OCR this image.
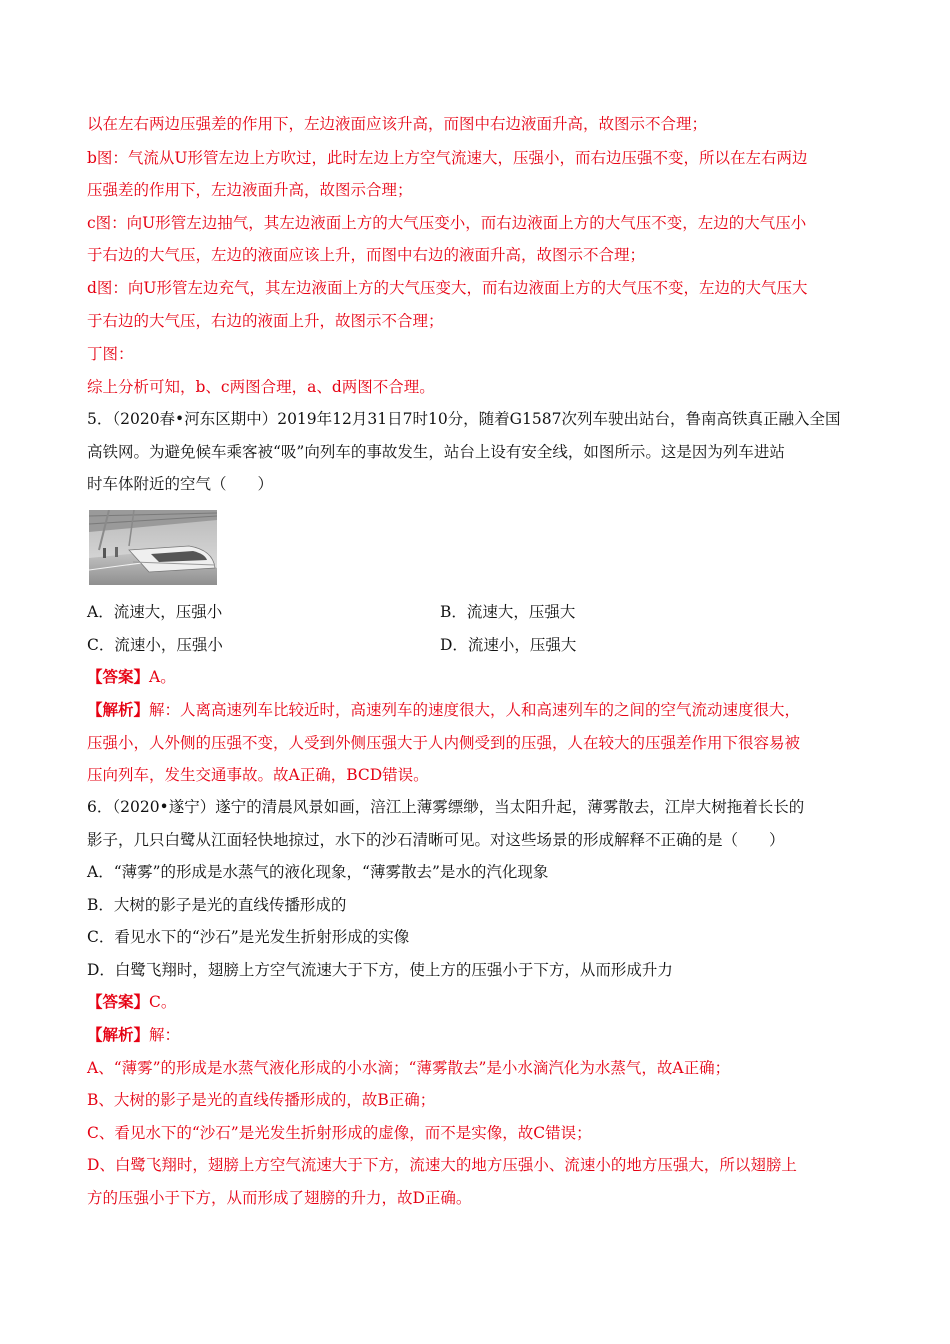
以在左右两边压强差的作用下，左边液面应该升高，而图中右边液面升高，故图示不合理；
b图：气流从U形管左边上方吹过，此时左边上方空气流速大，压强小，而右边压强不变，所以在左右两边
压强差的作用下，左边液面升高，故图示合理；
c图：向U形管左边抽气，其左边液面上方的大气压变小，而右边液面上方的大气压不变，左边的大气压小
于右边的大气压，左边的液面应该上升，而图中右边的液面升高，故图示不合理；
d图：向U形管左边充气，其左边液面上方的大气压变大，而右边液面上方的大气压不变，左边的大气压大
于右边的大气压，右边的液面上升，故图示不合理；
丁图：
综上分析可知，b、c两图合理，a、d两图不合理。
5．（2020春•河东区期中）2019年12月31日7时10分，随着G1587次列车驶出站台，鲁南高铁真正融入全国
高铁网。为避免候车乘客被“吸”向列车的事故发生，站台上设有安全线，如图所示。这是因为列车进站
时车体附近的空气（　　）
A．流速大，压强小	B．流速大，压强大
C．流速小，压强小	D．流速小，压强大
【答案】A。
【解析】解：人离高速列车比较近时，高速列车的速度很大，人和高速列车的之间的空气流动速度很大，
压强小，人外侧的压强不变，人受到外侧压强大于人内侧受到的压强，人在较大的压强差作用下很容易被
压向列车，发生交通事故。故A正确，BCD错误。
6．（2020•遂宁）遂宁的清晨风景如画，涪江上薄雾缥缈，当太阳升起，薄雾散去，江岸大树拖着长长的
影子，几只白鹭从江面轻快地掠过，水下的沙石清晰可见。对这些场景的形成解释不正确的是（　　）
A．“薄雾”的形成是水蒸气的液化现象，“薄雾散去”是水的汽化现象
B．大树的影子是光的直线传播形成的
C．看见水下的“沙石”是光发生折射形成的实像
D．白鹭飞翔时，翅膀上方空气流速大于下方，使上方的压强小于下方，从而形成升力
【答案】C。
【解析】解：
A、“薄雾”的形成是水蒸气液化形成的小水滴；“薄雾散去”是小水滴汽化为水蒸气，故A正确；
B、大树的影子是光的直线传播形成的，故B正确；
C、看见水下的“沙石”是光发生折射形成的虚像，而不是实像，故C错误；
D、白鹭飞翔时，翅膀上方空气流速大于下方，流速大的地方压强小、流速小的地方压强大，所以翅膀上
方的压强小于下方，从而形成了翅膀的升力，故D正确。
